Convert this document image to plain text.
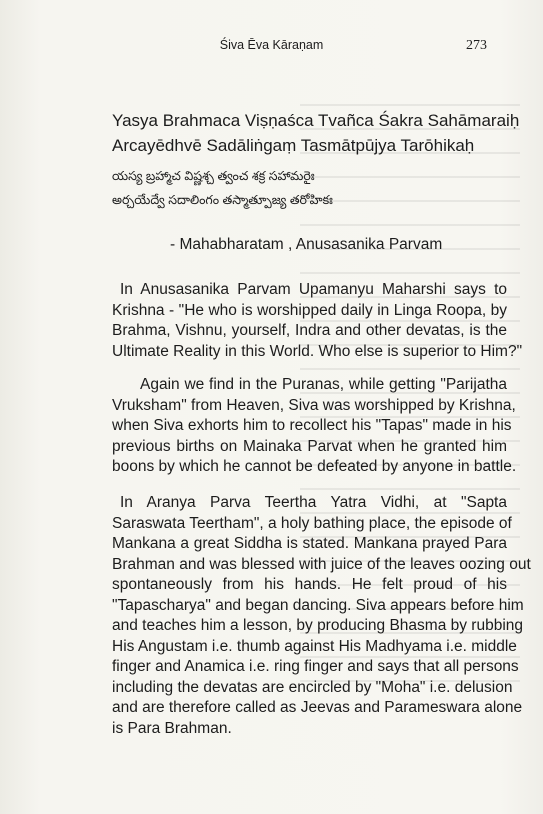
Śiva Ēva Kāraṇam	273
Yasya Brahmaca Viṣṇaśca Tvañca Śakra Sahāmaraiḥ
Arcayēdhvē Sadāliṅgaṃ Tasmātpūjya Tarōhikaḥ
యస్య బ్రహ్మాచ విష్ణశ్చ త్వంచ శక్ర సహామరైః
అర్చయేద్వే సదాలింగం తస్మాత్పూజ్య తరోహికః
- Mahabharatam , Anusasanika Parvam
In Anusasanika Parvam Upamanyu Maharshi says to
Krishna - "He who is worshipped daily in Linga Roopa, by
Brahma, Vishnu, yourself, Indra and other devatas, is the
Ultimate Reality in this World. Who else is superior to Him?"
Again we find in the Puranas, while getting "Parijatha
Vruksham" from Heaven, Siva was worshipped by Krishna,
when Siva exhorts him to recollect his "Tapas" made in his
previous births on Mainaka Parvat when he granted him
boons by which he cannot be defeated by anyone in battle.
In Aranya Parva Teertha Yatra Vidhi, at "Sapta
Saraswata Teertham", a holy bathing place, the episode of
Mankana a great Siddha is stated. Mankana prayed Para
Brahman and was blessed with juice of the leaves oozing out
spontaneously from his hands. He felt proud of his
"Tapascharya" and began dancing. Siva appears before him
and teaches him a lesson, by producing Bhasma by rubbing
His Angustam i.e. thumb against His Madhyama i.e. middle
finger and Anamica i.e. ring finger and says that all persons
including the devatas are encircled by "Moha" i.e. delusion
and are therefore called as Jeevas and Parameswara alone
is Para Brahman.
